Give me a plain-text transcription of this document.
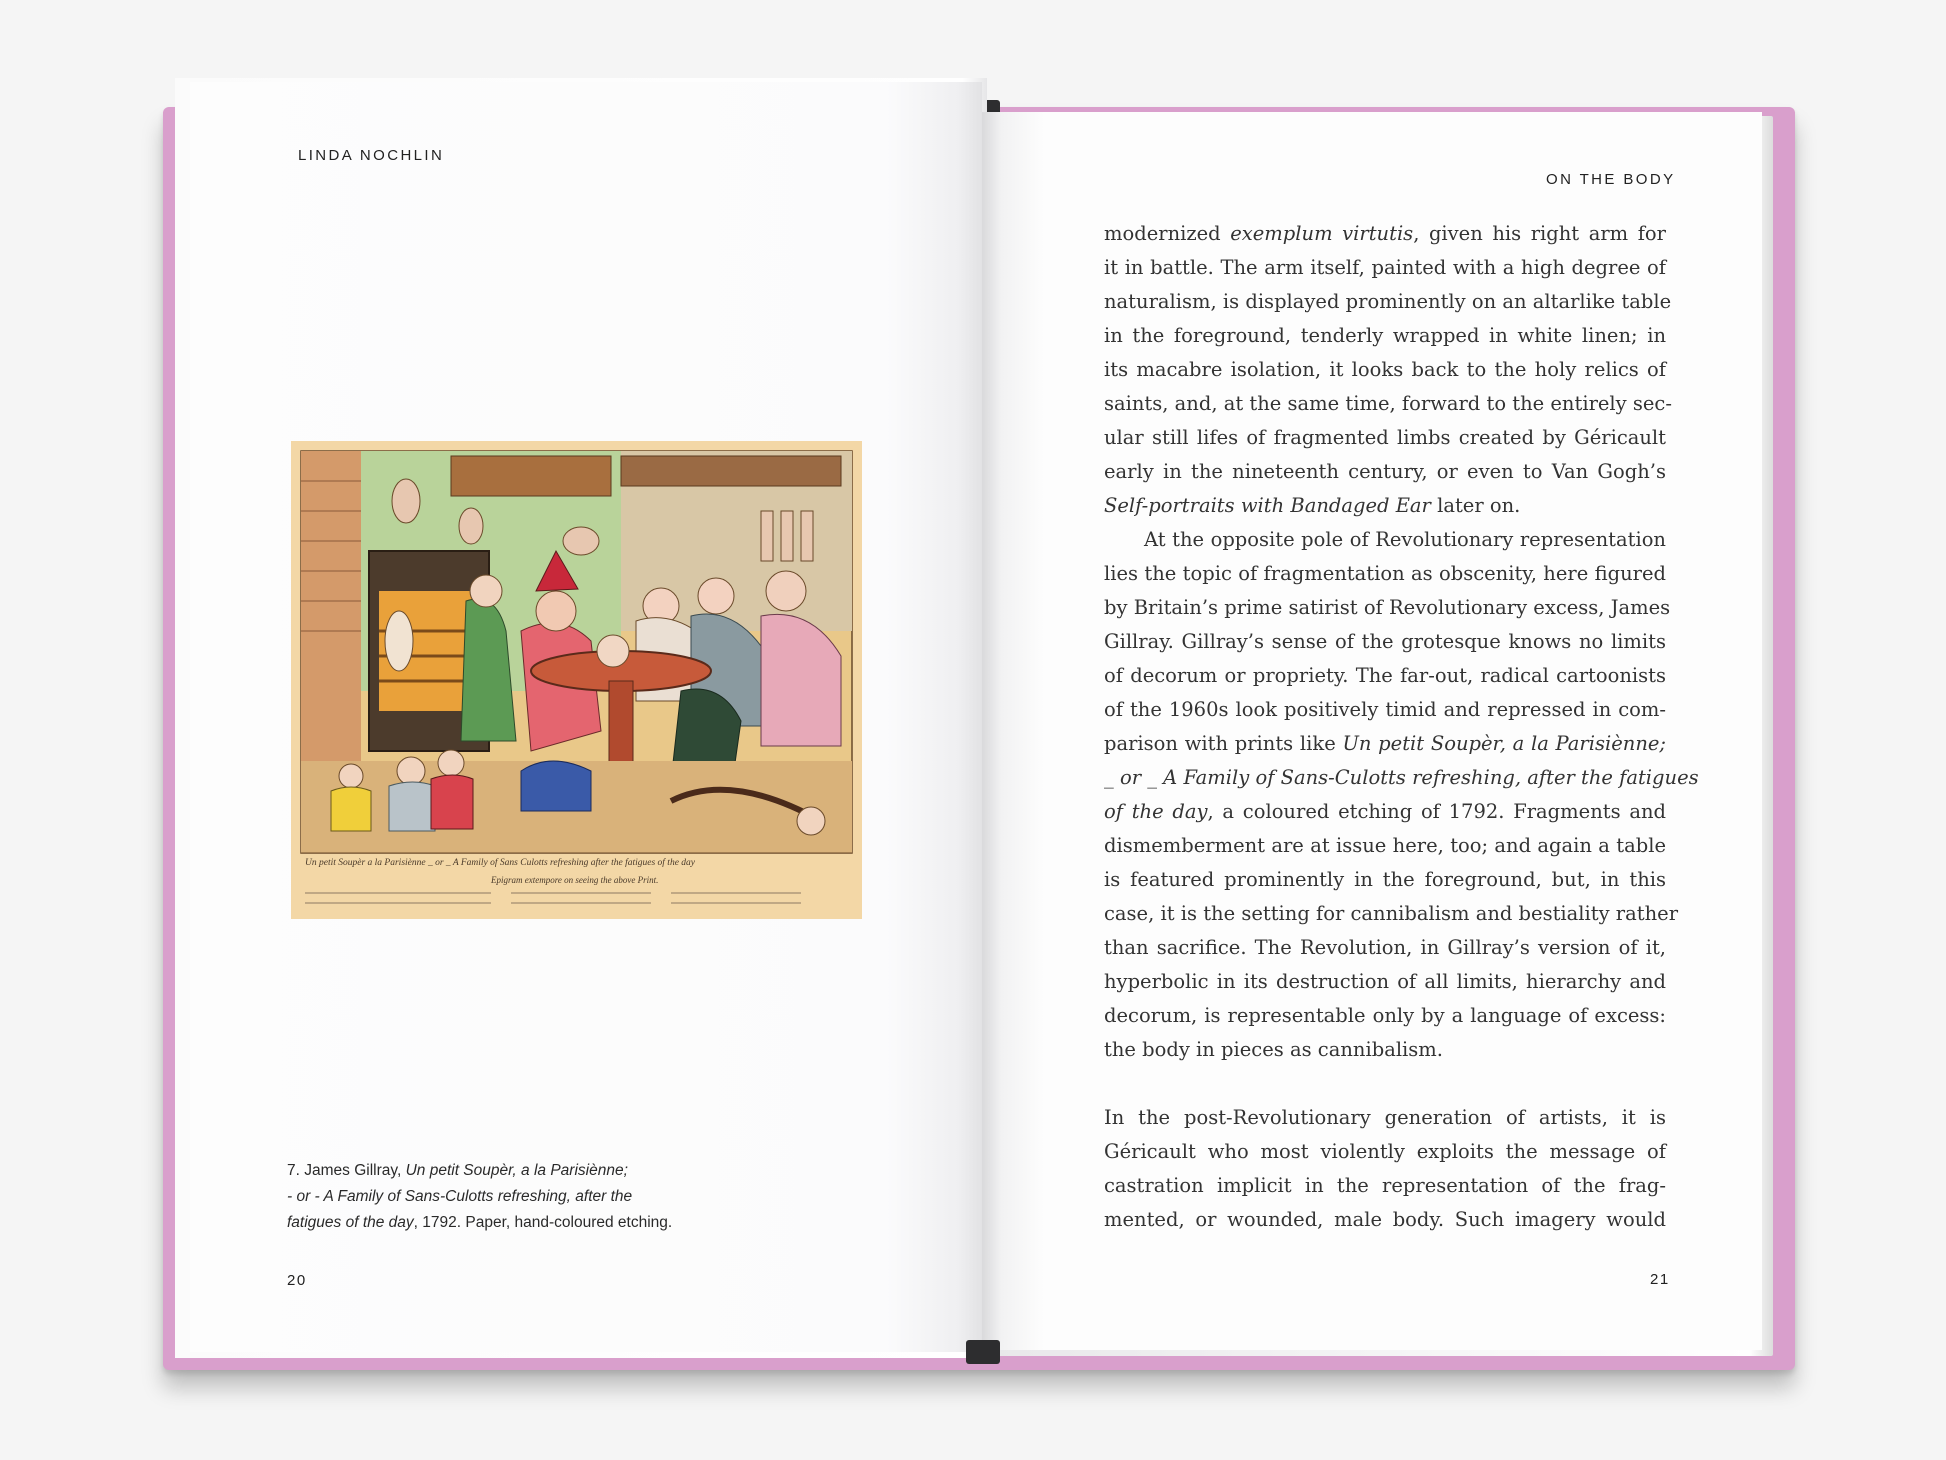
LINDA NOCHLIN
Un petit Soupèr a la Parisiènne _ or _ A Family of Sans Culotts refreshing after the fatigues of the day
Epigram extempore on seeing the above Print.
7. James Gillray, Un petit Soupèr, a la Parisiènne;
- or - A Family of Sans-Culotts refreshing, after the
fatigues of the day, 1792. Paper, hand-coloured etching.
20
ON THE BODY
modernized exemplum virtutis, given his right arm for
it in battle. The arm itself, painted with a high degree of
naturalism, is displayed prominently on an altarlike table
in the foreground, tenderly wrapped in white linen; in
its macabre isolation, it looks back to the holy relics of
saints, and, at the same time, forward to the entirely sec-
ular still lifes of fragmented limbs created by Géricault
early in the nineteenth century, or even to Van Gogh’s
Self-portraits with Bandaged Ear later on.
At the opposite pole of Revolutionary representation
lies the topic of fragmentation as obscenity, here figured
by Britain’s prime satirist of Revolutionary excess, James
Gillray. Gillray’s sense of the grotesque knows no limits
of decorum or propriety. The far-out, radical cartoonists
of the 1960s look positively timid and repressed in com-
parison with prints like Un petit Soupèr, a la Parisiènne;
_ or _ A Family of Sans-Culotts refreshing, after the fatigues
of the day, a coloured etching of 1792. Fragments and
dismemberment are at issue here, too; and again a table
is featured prominently in the foreground, but, in this
case, it is the setting for cannibalism and bestiality rather
than sacrifice. The Revolution, in Gillray’s version of it,
hyperbolic in its destruction of all limits, hierarchy and
decorum, is representable only by a language of excess:
the body in pieces as cannibalism.
In the post-Revolutionary generation of artists, it is
Géricault who most violently exploits the message of
castration implicit in the representation of the frag-
mented, or wounded, male body. Such imagery would
21
